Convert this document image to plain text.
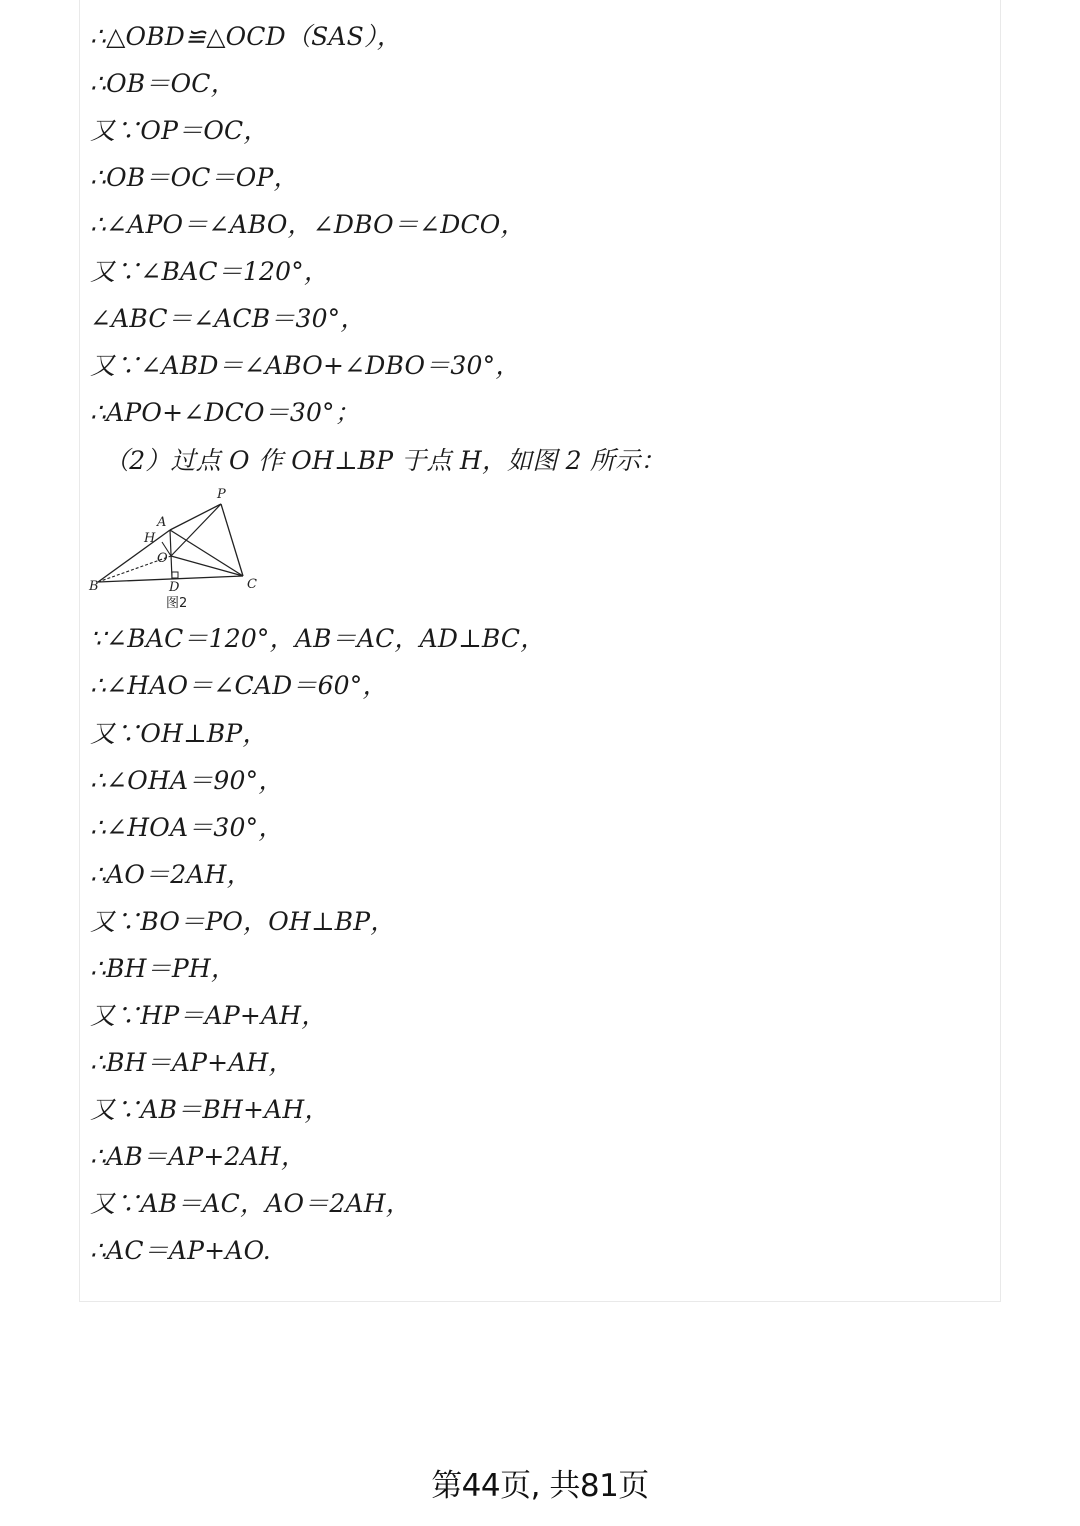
∴△OBD≌△OCD（SAS），
∴OB＝OC，
又∵OP＝OC，
∴OB＝OC＝OP，
∴∠APO＝∠ABO，∠DBO＝∠DCO，
又∵∠BAC＝120°，
∠ABC＝∠ACB＝30°，
又∵∠ABD＝∠ABO+∠DBO＝30°，
∴APO+∠DCO＝30°；
（2）过点 O 作 OH⊥BP 于点 H，如图 2 所示：
P
A
H
O
B	D	C
图2
∵∠BAC＝120°，AB＝AC，AD⊥BC，
∴∠HAO＝∠CAD＝60°，
又∵OH⊥BP，
∴∠OHA＝90°，
∴∠HOA＝30°，
∴AO＝2AH，
又∵BO＝PO，OH⊥BP，
∴BH＝PH，
又∵HP＝AP+AH，
∴BH＝AP+AH，
又∵AB＝BH+AH，
∴AB＝AP+2AH，
又∵AB＝AC，AO＝2AH，
∴AC＝AP+AO.
第44页, 共81页
